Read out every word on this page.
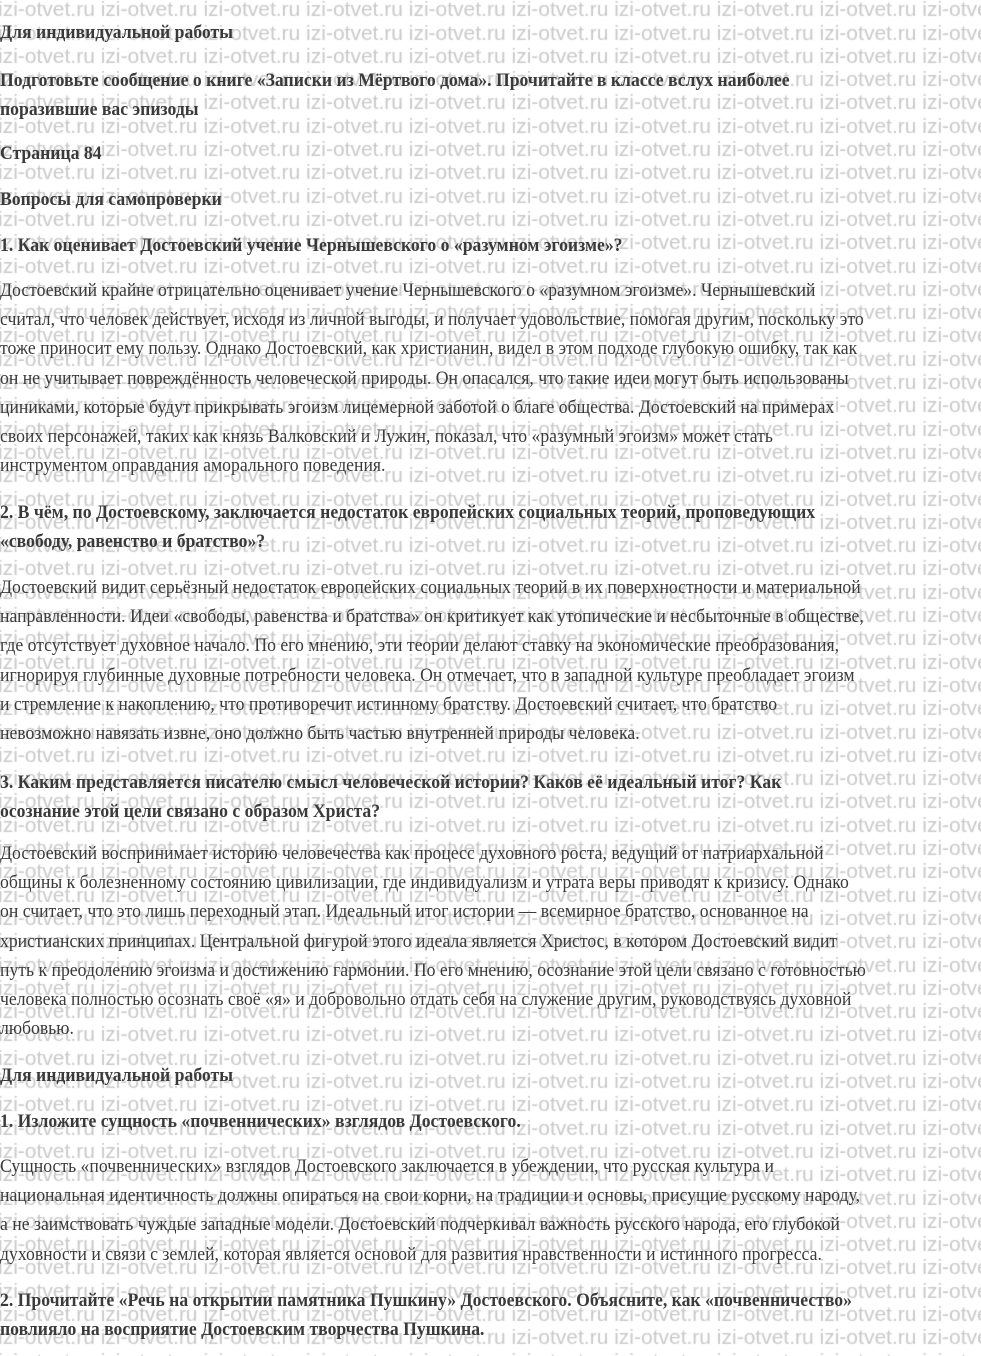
Для индивидуальной работы
Подготовьте сообщение о книге «Записки из Мёртвого дома». Прочитайте в классе вслух наиболее
поразившие вас эпизоды
Страница 84
Вопросы для самопроверки
1. Как оценивает Достоевский учение Чернышевского о «разумном эгоизме»?
Достоевский крайне отрицательно оценивает учение Чернышевского о «разумном эгоизме». Чернышевский
считал, что человек действует, исходя из личной выгоды, и получает удовольствие, помогая другим, поскольку это
тоже приносит ему пользу. Однако Достоевский, как христианин, видел в этом подходе глубокую ошибку, так как
он не учитывает повреждённость человеческой природы. Он опасался, что такие идеи могут быть использованы
циниками, которые будут прикрывать эгоизм лицемерной заботой о благе общества. Достоевский на примерах
своих персонажей, таких как князь Валковский и Лужин, показал, что «разумный эгоизм» может стать
инструментом оправдания аморального поведения.
2. В чём, по Достоевскому, заключается недостаток европейских социальных теорий, проповедующих
«свободу, равенство и братство»?
Достоевский видит серьёзный недостаток европейских социальных теорий в их поверхностности и материальной
направленности. Идеи «свободы, равенства и братства» он критикует как утопические и несбыточные в обществе,
где отсутствует духовное начало. По его мнению, эти теории делают ставку на экономические преобразования,
игнорируя глубинные духовные потребности человека. Он отмечает, что в западной культуре преобладает эгоизм
и стремление к накоплению, что противоречит истинному братству. Достоевский считает, что братство
невозможно навязать извне, оно должно быть частью внутренней природы человека.
3. Каким представляется писателю смысл человеческой истории? Каков её идеальный итог? Как
осознание этой цели связано с образом Христа?
Достоевский воспринимает историю человечества как процесс духовного роста, ведущий от патриархальной
общины к болезненному состоянию цивилизации, где индивидуализм и утрата веры приводят к кризису. Однако
он считает, что это лишь переходный этап. Идеальный итог истории — всемирное братство, основанное на
христианских принципах. Центральной фигурой этого идеала является Христос, в котором Достоевский видит
путь к преодолению эгоизма и достижению гармонии. По его мнению, осознание этой цели связано с готовностью
человека полностью осознать своё «я» и добровольно отдать себя на служение другим, руководствуясь духовной
любовью.
Для индивидуальной работы
1. Изложите сущность «почвеннических» взглядов Достоевского.
Сущность «почвеннических» взглядов Достоевского заключается в убеждении, что русская культура и
национальная идентичность должны опираться на свои корни, на традиции и основы, присущие русскому народу,
а не заимствовать чуждые западные модели. Достоевский подчеркивал важность русского народа, его глубокой
духовности и связи с землей, которая является основой для развития нравственности и истинного прогресса.
2. Прочитайте «Речь на открытии памятника Пушкину» Достоевского. Объясните, как «почвенничество»
повлияло на восприятие Достоевским творчества Пушкина.
